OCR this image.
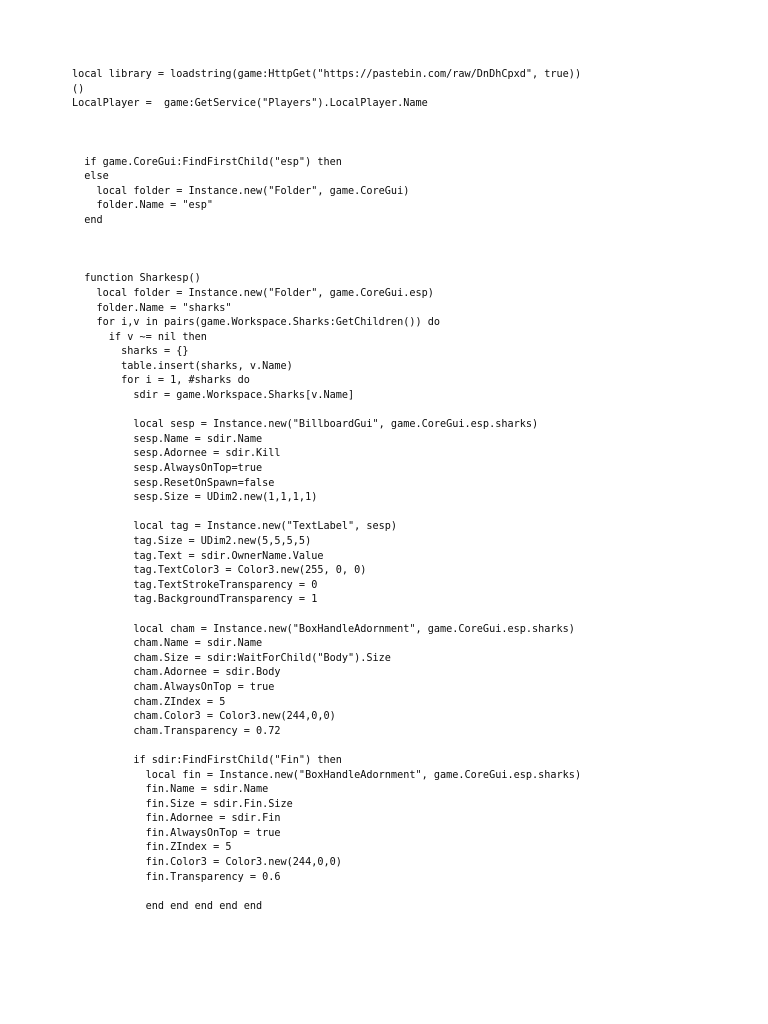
local library = loadstring(game:HttpGet("https://pastebin.com/raw/DnDhCpxd", true))
()
LocalPlayer =  game:GetService("Players").LocalPlayer.Name

if game.CoreGui:FindFirstChild("esp") then
else
local folder = Instance.new("Folder", game.CoreGui)
folder.Name = "esp"
end

function Sharkesp()
local folder = Instance.new("Folder", game.CoreGui.esp)
folder.Name = "sharks"
for i,v in pairs(game.Workspace.Sharks:GetChildren()) do
if v ~= nil then
sharks = {}
table.insert(sharks, v.Name)
for i = 1, #sharks do
sdir = game.Workspace.Sharks[v.Name]

local sesp = Instance.new("BillboardGui", game.CoreGui.esp.sharks)
sesp.Name = sdir.Name
sesp.Adornee = sdir.Kill
sesp.AlwaysOnTop=true
sesp.ResetOnSpawn=false
sesp.Size = UDim2.new(1,1,1,1)

local tag = Instance.new("TextLabel", sesp)
tag.Size = UDim2.new(5,5,5,5)
tag.Text = sdir.OwnerName.Value
tag.TextColor3 = Color3.new(255, 0, 0)
tag.TextStrokeTransparency = 0
tag.BackgroundTransparency = 1

local cham = Instance.new("BoxHandleAdornment", game.CoreGui.esp.sharks)
cham.Name = sdir.Name
cham.Size = sdir:WaitForChild("Body").Size
cham.Adornee = sdir.Body
cham.AlwaysOnTop = true
cham.ZIndex = 5
cham.Color3 = Color3.new(244,0,0)
cham.Transparency = 0.72

if sdir:FindFirstChild("Fin") then
local fin = Instance.new("BoxHandleAdornment", game.CoreGui.esp.sharks)
fin.Name = sdir.Name
fin.Size = sdir.Fin.Size
fin.Adornee = sdir.Fin
fin.AlwaysOnTop = true
fin.ZIndex = 5
fin.Color3 = Color3.new(244,0,0)
fin.Transparency = 0.6

end end end end end
